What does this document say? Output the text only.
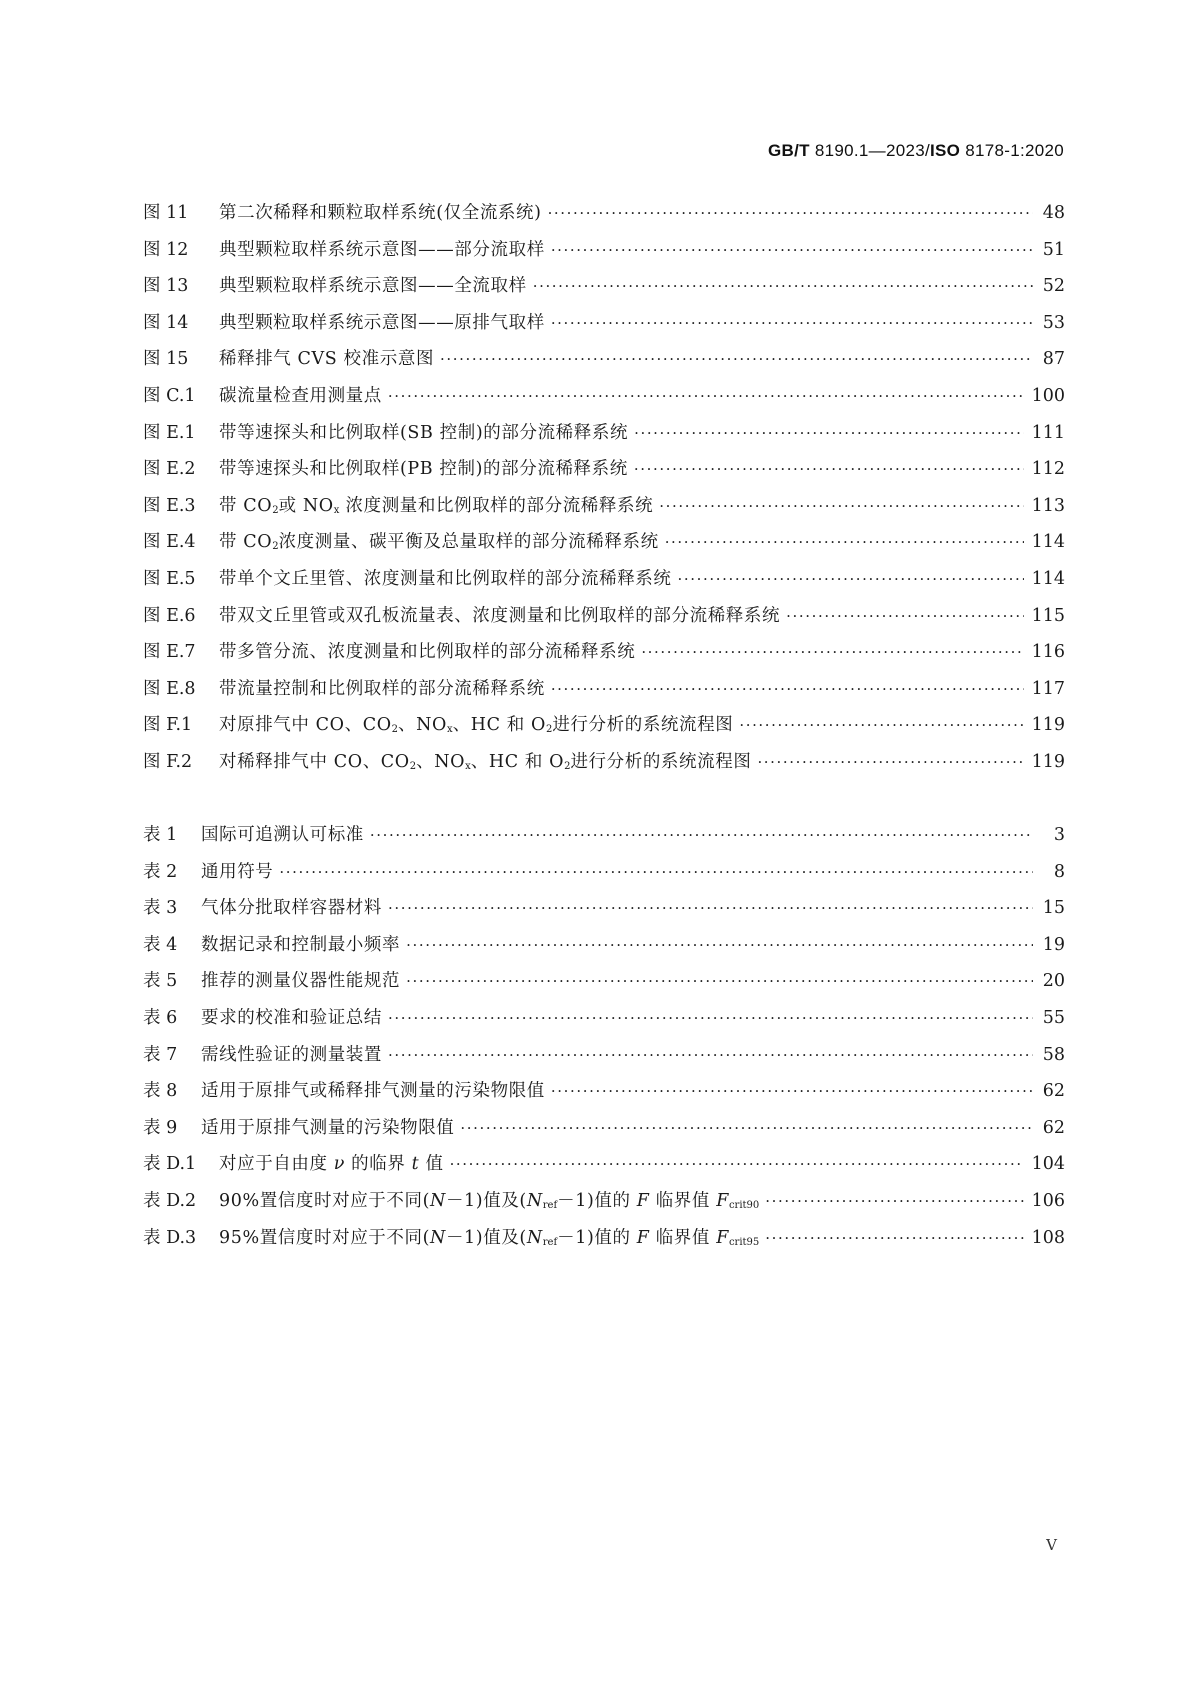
GB/T 8190.1—2023/ISO 8178-1:2020
图 11	第二次稀释和颗粒取样系统(仅全流系统) ·····	48
图 12	典型颗粒取样系统示意图——部分流取样 ·····	51
图 13	典型颗粒取样系统示意图——全流取样 ·····	52
图 14	典型颗粒取样系统示意图——原排气取样 ·····	53
图 15	稀释排气 CVS 校准示意图 ·····	87
图 C.1	碳流量检查用测量点 ·····	100
图 E.1	带等速探头和比例取样(SB 控制)的部分流稀释系统 ·····	111
图 E.2	带等速探头和比例取样(PB 控制)的部分流稀释系统 ·····	112
图 E.3	带 $CO_2$或 $NO_x$ 浓度测量和比例取样的部分流稀释系统 ·····	113
图 E.4	带 $CO_2$浓度测量、碳平衡及总量取样的部分流稀释系统 ·····	114
图 E.5	带单个文丘里管、浓度测量和比例取样的部分流稀释系统 ·····	114
图 E.6	带双文丘里管或双孔板流量表、浓度测量和比例取样的部分流稀释系统 ·····	115
图 E.7	带多管分流、浓度测量和比例取样的部分流稀释系统 ·····	116
图 E.8	带流量控制和比例取样的部分流稀释系统 ·····	117
图 F.1	对原排气中 CO、$CO_2$、$NO_x$、HC 和 $O_2$进行分析的系统流程图 ·····	119
图 F.2	对稀释排气中 CO、$CO_2$、$NO_x$、HC 和 $O_2$进行分析的系统流程图 ·····	119
表 1	国际可追溯认可标准 ·····	3
表 2	通用符号 ·····	8
表 3	气体分批取样容器材料 ·····	15
表 4	数据记录和控制最小频率 ·····	19
表 5	推荐的测量仪器性能规范 ·····	20
表 6	要求的校准和验证总结 ·····	55
表 7	需线性验证的测量装置 ·····	58
表 8	适用于原排气或稀释排气测量的污染物限值 ·····	62
表 9	适用于原排气测量的污染物限值 ·····	62
表 D.1	对应于自由度 ν 的临界 t 值 ·····	104
表 D.2	90%置信度时对应于不同(N－1)值及$(N_{ref}-1)$值的 F 临界值 $F_{crit90}$ ·····	106
表 D.3	95%置信度时对应于不同(N－1)值及$(N_{ref}-1)$值的 F 临界值 $F_{crit95}$ ·····	108
V
